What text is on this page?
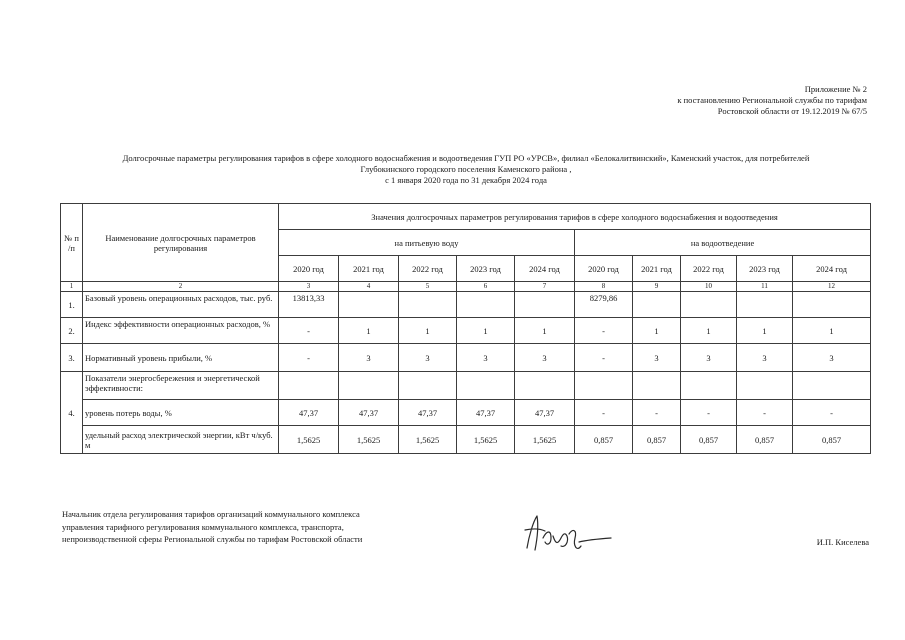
Приложение № 2
к постановлению Региональной службы по тарифам
Ростовской области от 19.12.2019 № 67/5
Долгосрочные параметры регулирования тарифов в сфере холодного водоснабжения и водоотведения ГУП РО «УРСВ», филиал «Белокалитвинский», Каменский участок, для потребителей
Глубокинского городского поселения Каменского района ,
с 1 января 2020 года по 31 декабря 2024 года
№ п /п	Наименование долгосрочных параметров регулирования	Значения долгосрочных параметров регулирования тарифов в сфере холодного водоснабжения и водоотведения									
		на питьевую воду					на водоотведение				
		2020 год	2021 год	2022 год	2023 год	2024 год	2020 год	2021 год	2022 год	2023 год	2024 год
1	2	3	4	5	6	7	8	9	10	11	12
1.	Базовый уровень операционных расходов, тыс. руб.	13813,33					8279,86				
2.	Индекс эффективности операционных расходов, %	-	1	1	1	1	-	1	1	1	1
3.	Нормативный уровень прибыли, %	-	3	3	3	3	-	3	3	3	3
4.	Показатели энергосбережения и энергетической эффективности:										
	уровень потерь воды, %	47,37	47,37	47,37	47,37	47,37	-	-	-	-	-
	удельный расход электрической энергии, кВт ч/куб. м	1,5625	1,5625	1,5625	1,5625	1,5625	0,857	0,857	0,857	0,857	0,857
Начальник отдела регулирования тарифов организаций коммунального комплекса
управления тарифного регулирования коммунального комплекса, транспорта,
непроизводственной сферы Региональной службы по тарифам Ростовской области	И.П. Киселева
